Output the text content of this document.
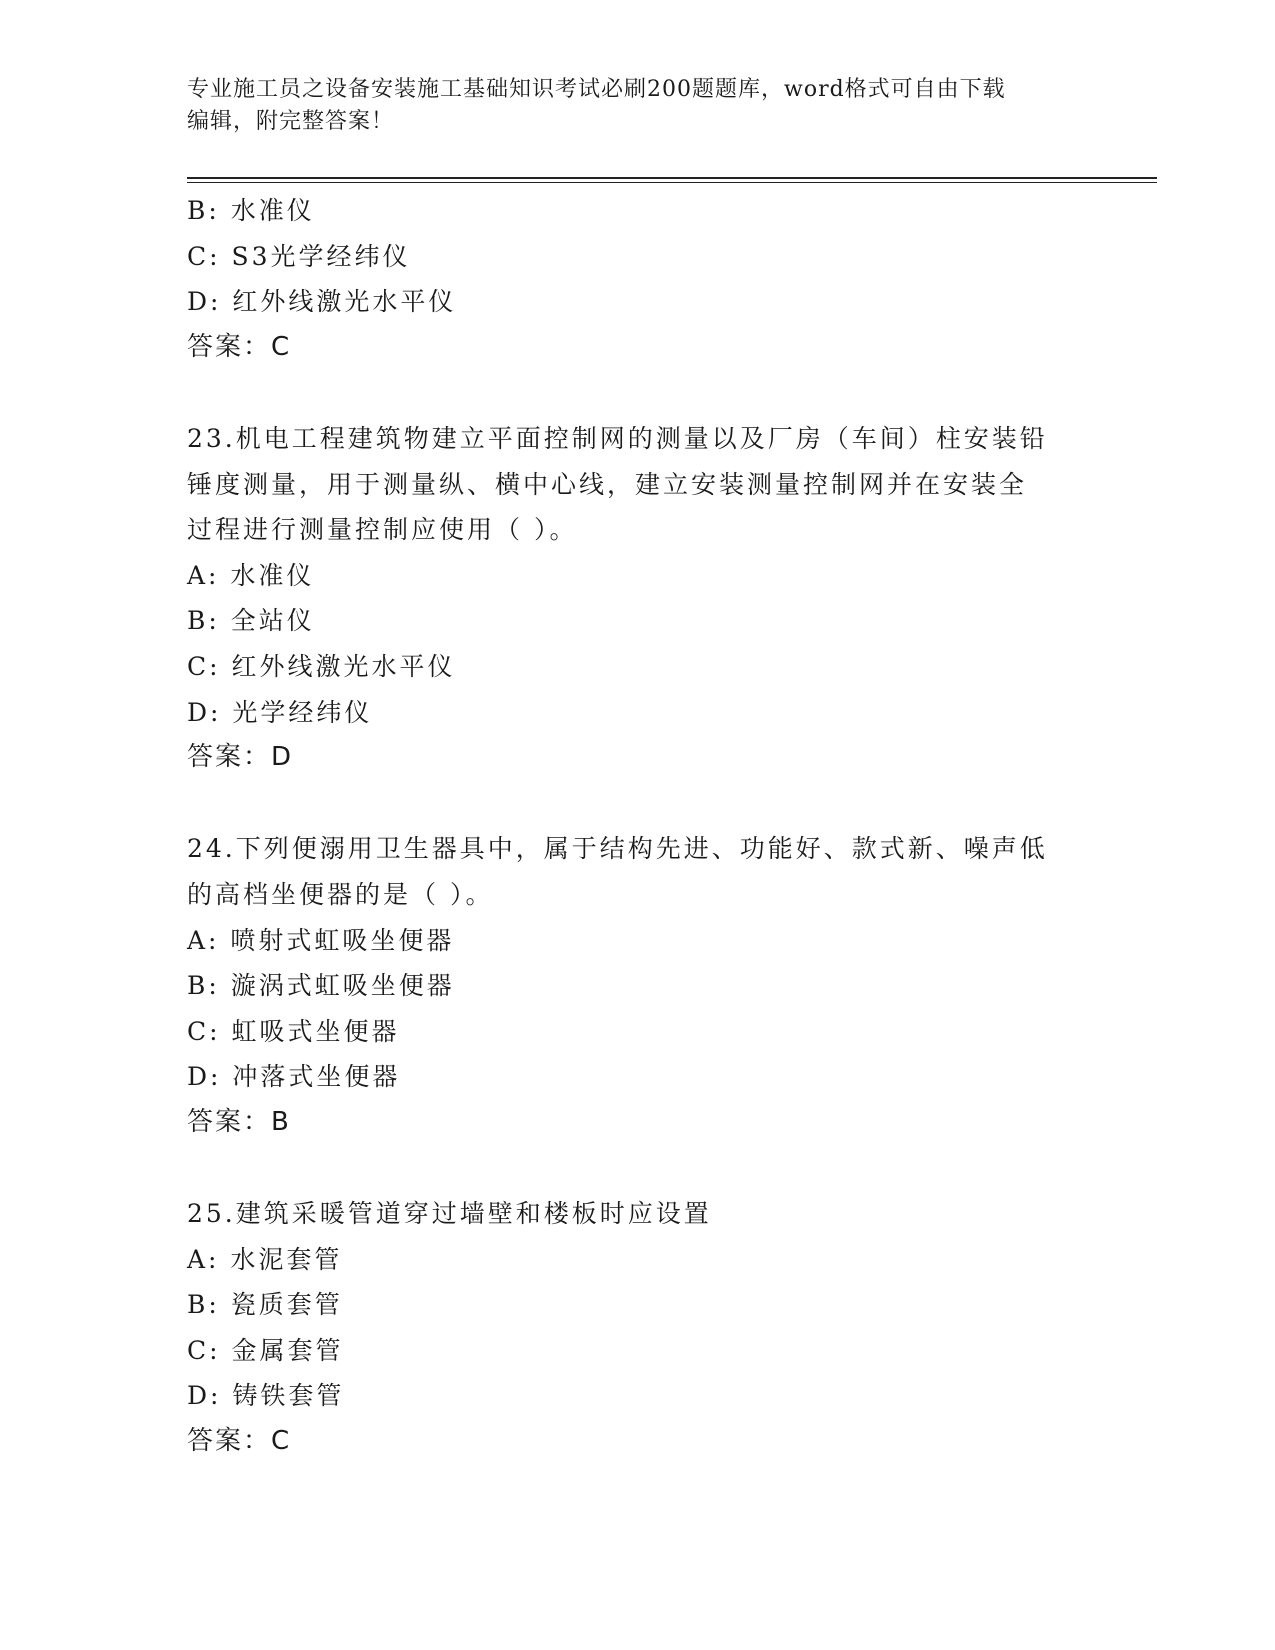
专业施工员之设备安装施工基础知识考试必刷200题题库，word格式可自由下载
编辑，附完整答案！
B: 水准仪
C: S3光学经纬仪
D: 红外线激光水平仪
答案：C
23.机电工程建筑物建立平面控制网的测量以及厂房（车间）柱安装铅
锤度测量，用于测量纵、横中心线，建立安装测量控制网并在安装全
过程进行测量控制应使用（ ）。
A: 水准仪
B: 全站仪
C: 红外线激光水平仪
D: 光学经纬仪
答案：D
24.下列便溺用卫生器具中，属于结构先进、功能好、款式新、噪声低
的高档坐便器的是（ ）。
A: 喷射式虹吸坐便器
B: 漩涡式虹吸坐便器
C: 虹吸式坐便器
D: 冲落式坐便器
答案：B
25.建筑采暖管道穿过墙壁和楼板时应设置
A: 水泥套管
B: 瓷质套管
C: 金属套管
D: 铸铁套管
答案：C
